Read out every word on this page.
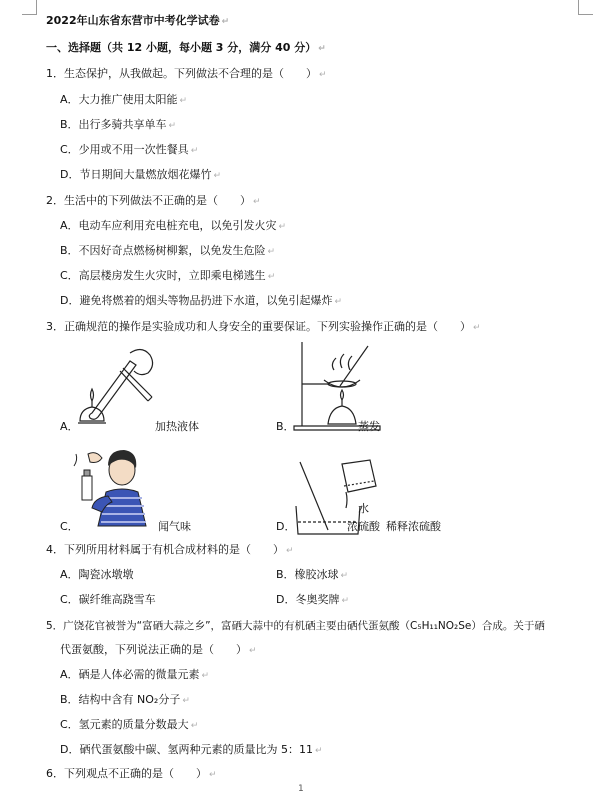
2022年山东省东营市中考化学试卷 ↵
一、选择题（共 12 小题，每小题 3 分，满分 40 分） ↵
1．生态保护，从我做起。下列做法不合理的是（　　） ↵
A．大力推广使用太阳能 ↵
B．出行多骑共享单车 ↵
C．少用或不用一次性餐具 ↵
D．节日期间大量燃放烟花爆竹 ↵
2．生活中的下列做法不正确的是（　　） ↵
A．电动车应利用充电桩充电，以免引发火灾 ↵
B．不因好奇点燃杨树柳絮，以免发生危险 ↵
C．高层楼房发生火灾时，立即乘电梯逃生 ↵
D．避免将燃着的烟头等物品扔进下水道，以免引起爆炸 ↵
3．正确规范的操作是实验成功和人身安全的重要保证。下列实验操作正确的是（　　） ↵
A．	加热液体	B．	蒸发
C．	闻气味
水
D．	浓硫酸 稀释浓硫酸
4．下列所用材料属于有机合成材料的是（　　） ↵
A．陶瓷冰墩墩	B．橡胶冰球 ↵
C．碳纤维高跷雪车	D．冬奥奖牌 ↵
5．广饶花官被誉为“富硒大蒜之乡”，富硒大蒜中的有机硒主要由硒代蛋氨酸（C₅H₁₁NO₂Se）合成。关于硒
代蛋氨酸，下列说法正确的是（　　） ↵
A．硒是人体必需的微量元素 ↵
B．结构中含有 NO₂分子 ↵
C．氢元素的质量分数最大 ↵
D．硒代蛋氨酸中碳、氢两种元素的质量比为 5：11 ↵
6．下列观点不正确的是（　　） ↵
1
